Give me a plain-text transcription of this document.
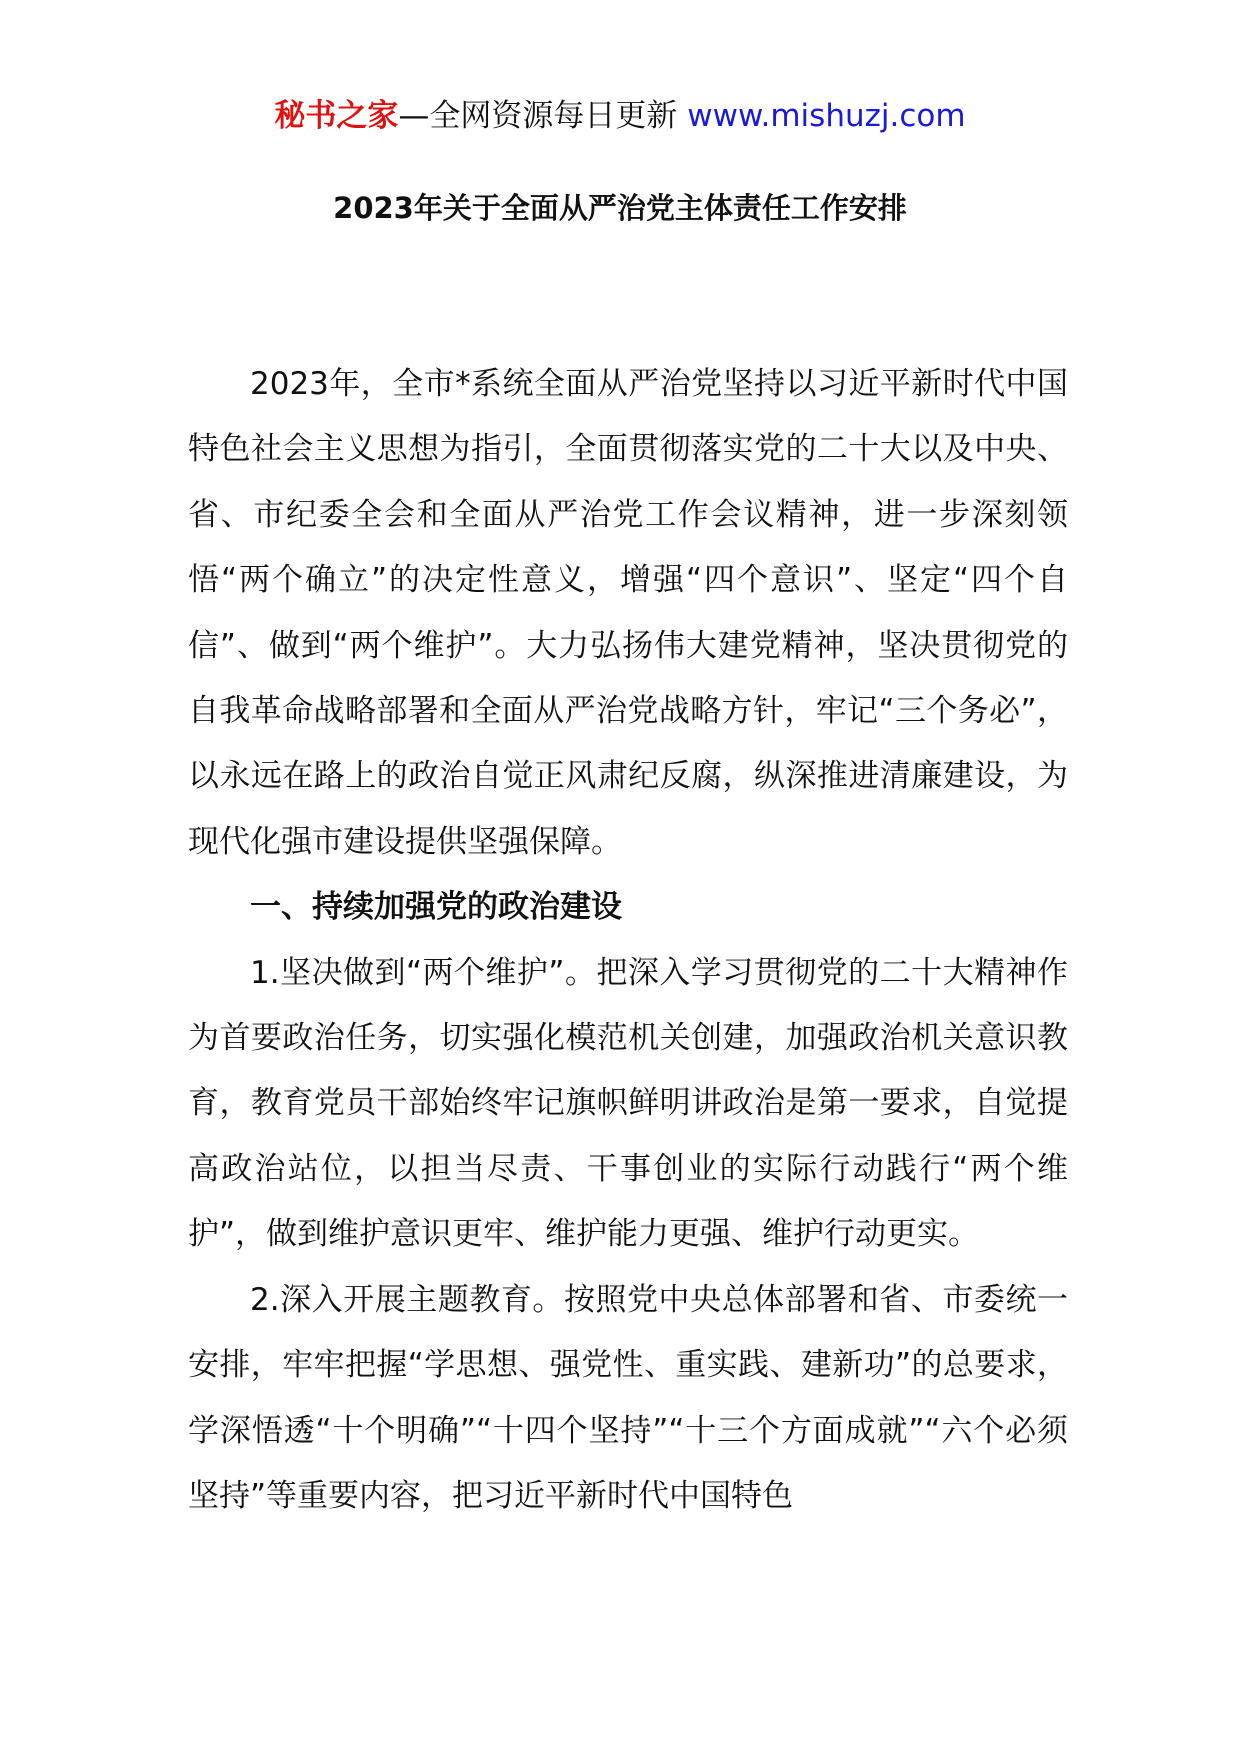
秘书之家—全网资源每日更新 www.mishuzj.com
2023年关于全面从严治党主体责任工作安排

2023年，全市*系统全面从严治党坚持以习近平新时代中国特色社会主义思想为指引，全面贯彻落实党的二十大以及中央、省、市纪委全会和全面从严治党工作会议精神，进一步深刻领悟“两个确立”的决定性意义，增强“四个意识”、坚定“四个自信”、做到“两个维护”。大力弘扬伟大建党精神，坚决贯彻党的自我革命战略部署和全面从严治党战略方针，牢记“三个务必”，以永远在路上的政治自觉正风肃纪反腐，纵深推进清廉建设，为现代化强市建设提供坚强保障。

一、持续加强党的政治建设

1.坚决做到“两个维护”。把深入学习贯彻党的二十大精神作为首要政治任务，切实强化模范机关创建，加强政治机关意识教育，教育党员干部始终牢记旗帜鲜明讲政治是第一要求，自觉提高政治站位，以担当尽责、干事创业的实际行动践行“两个维护”，做到维护意识更牢、维护能力更强、维护行动更实。

2.深入开展主题教育。按照党中央总体部署和省、市委统一安排，牢牢把握“学思想、强党性、重实践、建新功”的总要求，学深悟透“十个明确”“十四个坚持”“十三个方面成就”“六个必须坚持”等重要内容，把习近平新时代中国特色
